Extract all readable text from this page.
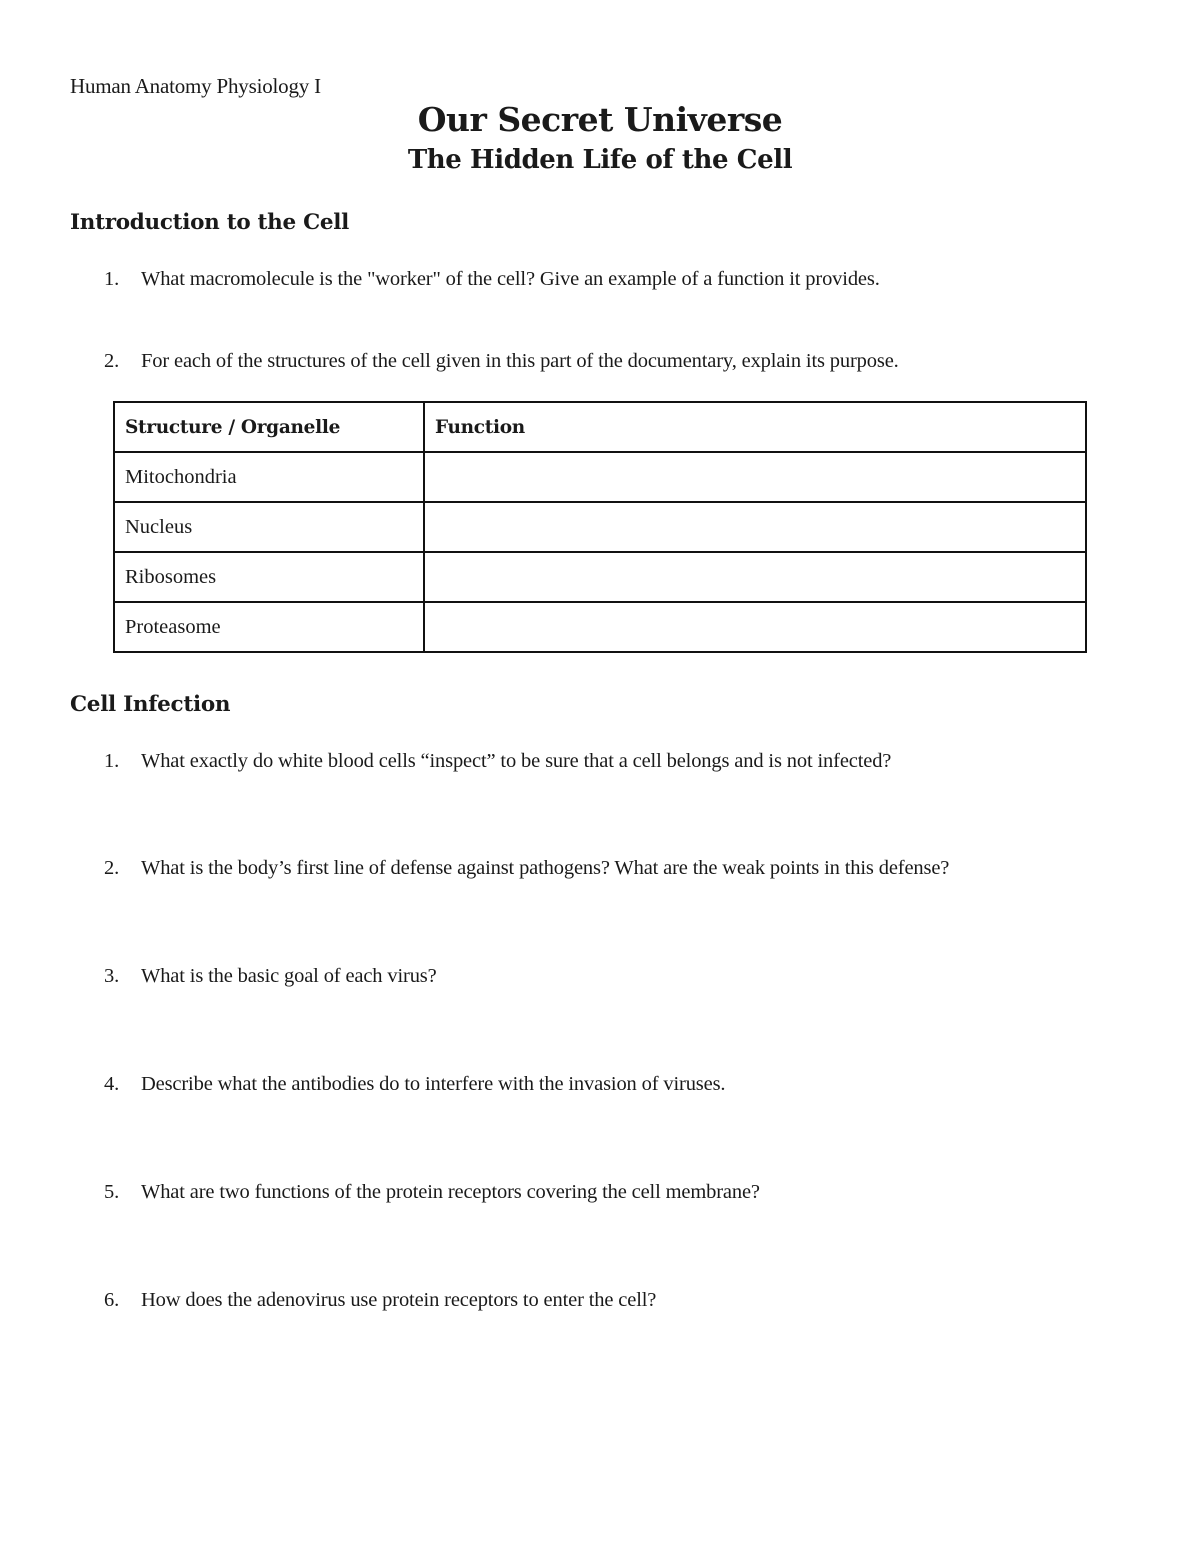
Human Anatomy Physiology I
Our Secret Universe
The Hidden Life of the Cell
Introduction to the Cell
1. What macromolecule is the "worker" of the cell? Give an example of a function it provides.
2. For each of the structures of the cell given in this part of the documentary, explain its purpose.
Structure / Organelle	Function
Mitochondria	
Nucleus	
Ribosomes	
Proteasome	
Cell Infection
1. What exactly do white blood cells “inspect” to be sure that a cell belongs and is not infected?
2. What is the body’s first line of defense against pathogens? What are the weak points in this defense?
3. What is the basic goal of each virus?
4. Describe what the antibodies do to interfere with the invasion of viruses.
5. What are two functions of the protein receptors covering the cell membrane?
6. How does the adenovirus use protein receptors to enter the cell?
